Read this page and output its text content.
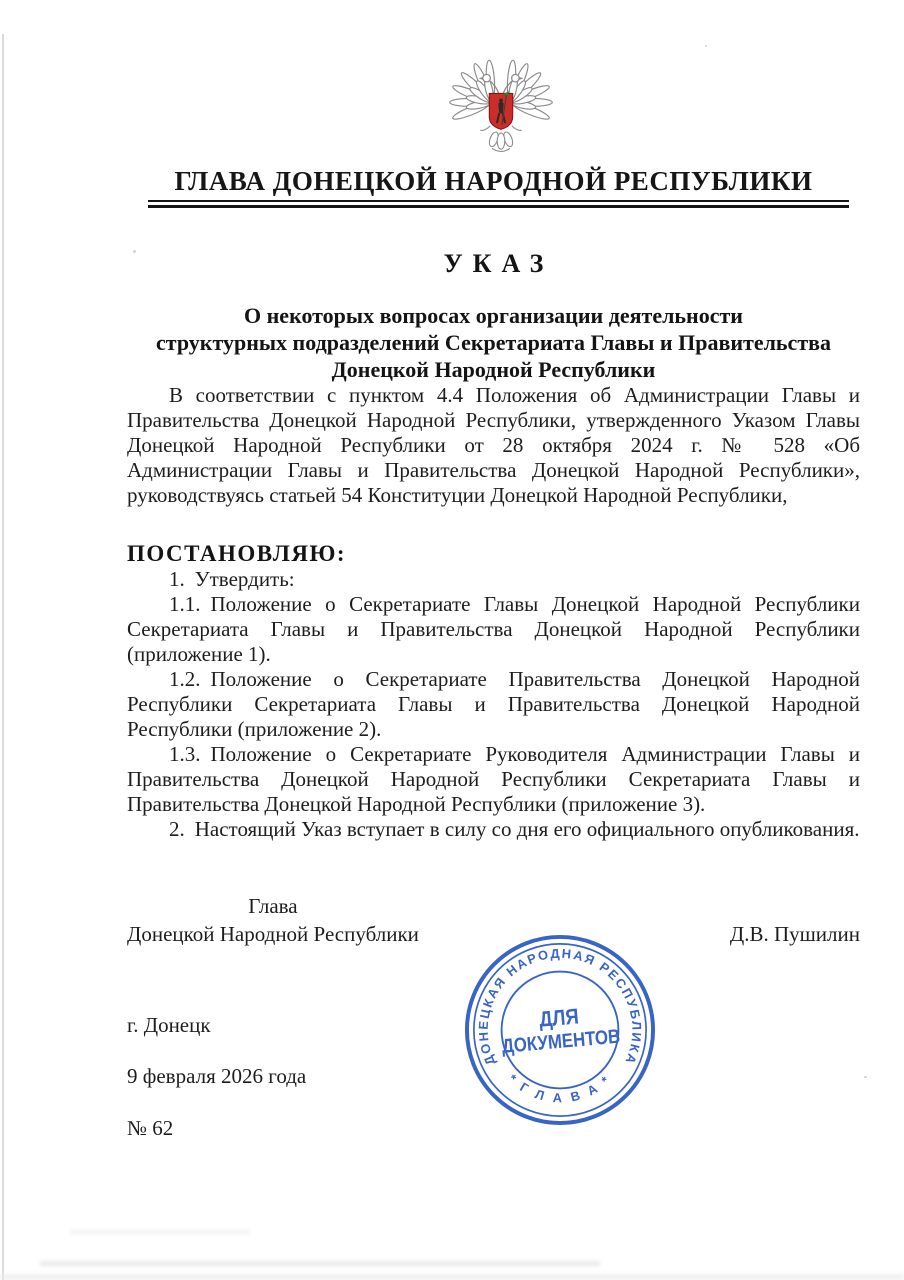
ГЛАВА ДОНЕЦКОЙ НАРОДНОЙ РЕСПУБЛИКИ
УКАЗ
О некоторых вопросах организации деятельности
структурных подразделений Секретариата Главы и Правительства
Донецкой Народной Республики

В соответствии с пунктом 4.4 Положения об Администрации Главы и Правительства Донецкой Народной Республики, утвержденного Указом Главы Донецкой Народной Республики от 28 октября 2024 г. № 528 «Об Администрации Главы и Правительства Донецкой Народной Республики», руководствуясь статьей 54 Конституции Донецкой Народной Республики,

ПОСТАНОВЛЯЮ:

1. Утвердить:

1.1. Положение о Секретариате Главы Донецкой Народной Республики Секретариата Главы и Правительства Донецкой Народной Республики (приложение 1).

1.2. Положение о Секретариате Правительства Донецкой Народной Республики Секретариата Главы и Правительства Донецкой Народной Республики (приложение 2).

1.3. Положение о Секретариате Руководителя Администрации Главы и Правительства Донецкой Народной Республики Секретариата Главы и Правительства Донецкой Народной Республики (приложение 3).

2. Настоящий Указ вступает в силу со дня его официального опубликования.

Глава
Донецкой Народной Республики	Д.В. Пушилин
г. Донецк
9 февраля 2026 года
№ 62
ДОНЕЦКАЯ НАРОДНАЯ РЕСПУБЛИКА
* Г Л А В А *
ДЛЯ
ДОКУМЕНТОВ
